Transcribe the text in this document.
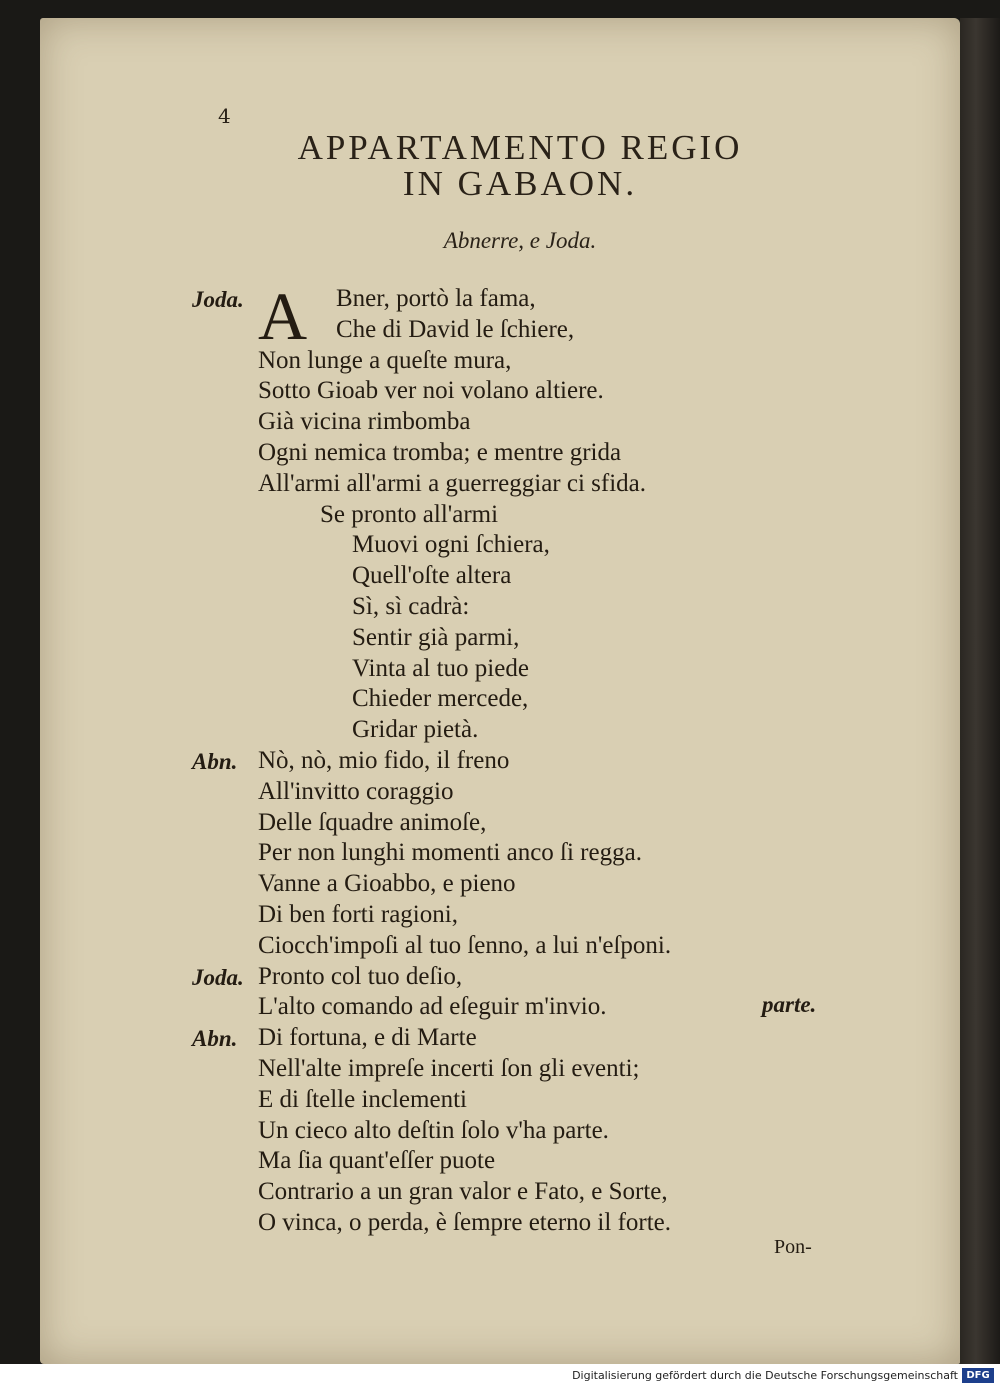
4
APPARTAMENTO REGIO
IN GABAON.
Abnerre, e Joda.
A
Joda.	Bner, portò la fama,
Che di David le ſchiere,
Non lunge a queſte mura,
Sotto Gioab ver noi volano altiere.
Già vicina rimbomba
Ogni nemica tromba; e mentre grida
All'armi all'armi a guerreggiar ci sfida.
Se pronto all'armi
Muovi ogni ſchiera,
Quell'oſte altera
Sì, sì cadrà:
Sentir già parmi,
Vinta al tuo piede
Chieder mercede,
Gridar pietà.
Abn. Nò, nò, mio fido, il freno
All'invitto coraggio
Delle ſquadre animoſe,
Per non lunghi momenti anco ſi regga.
Vanne a Gioabbo, e pieno
Di ben forti ragioni,
Ciocch'impoſi al tuo ſenno, a lui n'eſponi.
Joda. Pronto col tuo deſio,
L'alto comando ad eſeguir m'invio.
Abn. Di fortuna, e di Marte
Nell'alte impreſe incerti ſon gli eventi;
E di ſtelle inclementi
Un cieco alto deſtin ſolo v'ha parte.
Ma ſia quant'eſſer puote
Contrario a un gran valor e Fato, e Sorte,
O vinca, o perda, è ſempre eterno il forte.
parte.
Pon-
Digitalisierung gefördert durch die Deutsche Forschungsgemeinschaft DFG
